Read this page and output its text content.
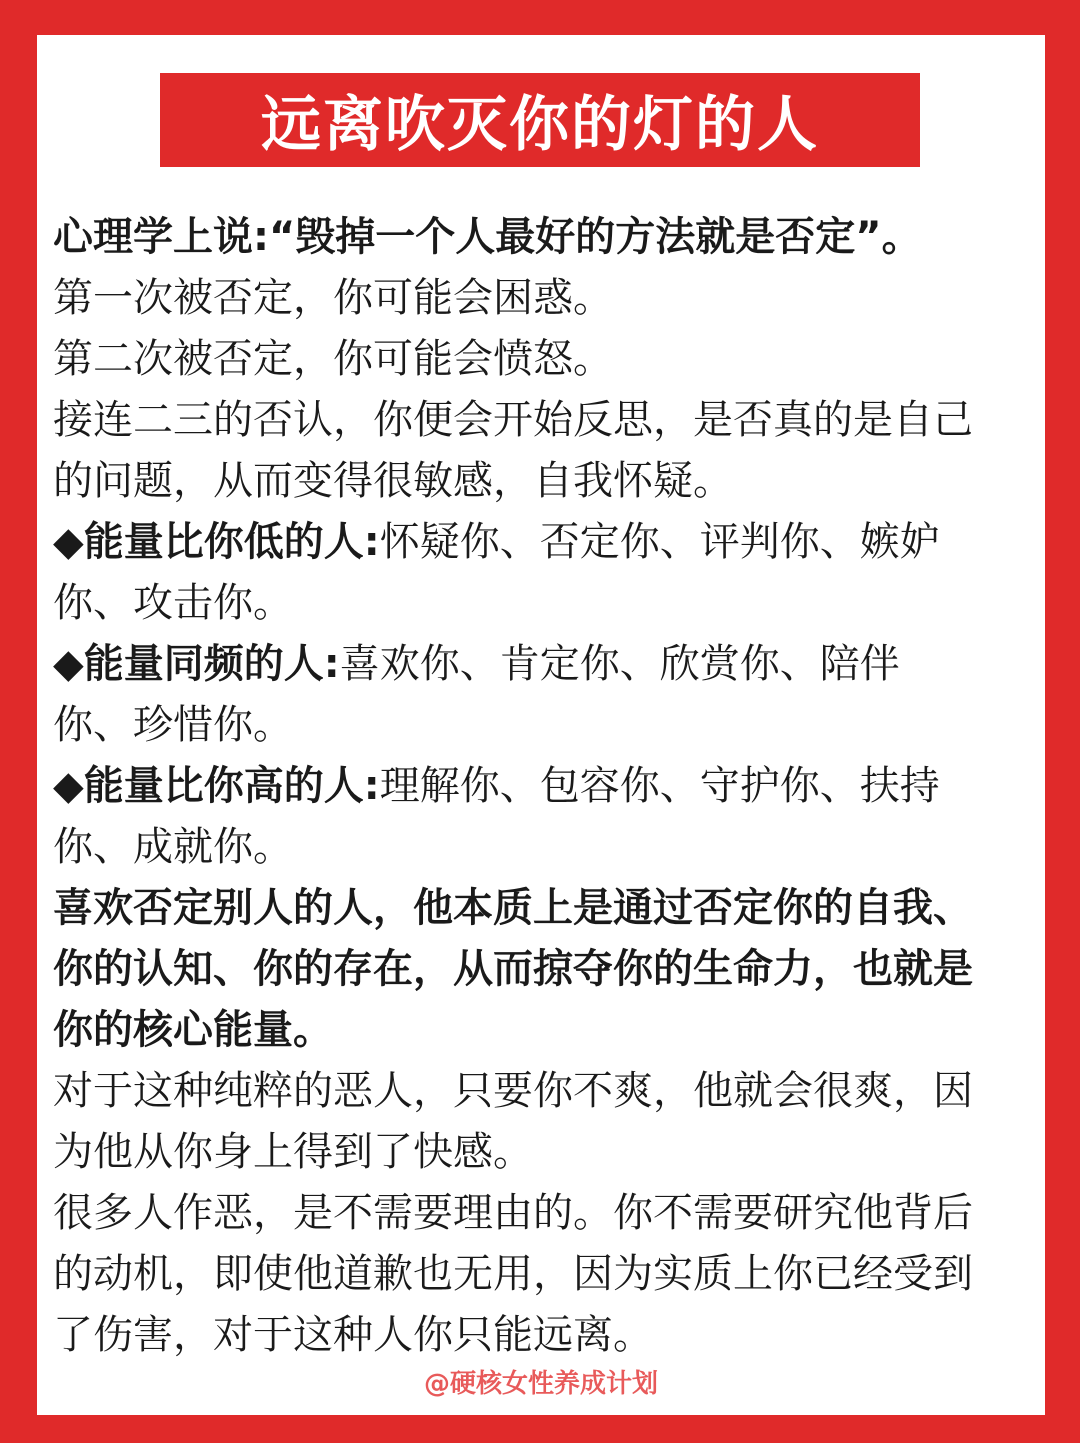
远离吹灭你的灯的人
心理学上说:“毁掉一个人最好的方法就是否定”。
第一次被否定，你可能会困惑。
第二次被否定，你可能会愤怒。
接连二三的否认，你便会开始反思，是否真的是自己
的问题，从而变得很敏感，自我怀疑。
◆能量比你低的人:怀疑你、否定你、评判你、嫉妒
你、攻击你。
◆能量同频的人:喜欢你、肯定你、欣赏你、陪伴
你、珍惜你。
◆能量比你高的人:理解你、包容你、守护你、扶持
你、成就你。
喜欢否定别人的人，他本质上是通过否定你的自我、
你的认知、你的存在，从而掠夺你的生命力，也就是
你的核心能量。
对于这种纯粹的恶人，只要你不爽，他就会很爽，因
为他从你身上得到了快感。
很多人作恶，是不需要理由的。你不需要研究他背后
的动机，即使他道歉也无用，因为实质上你已经受到
了伤害，对于这种人你只能远离。
@硬核女性养成计划
